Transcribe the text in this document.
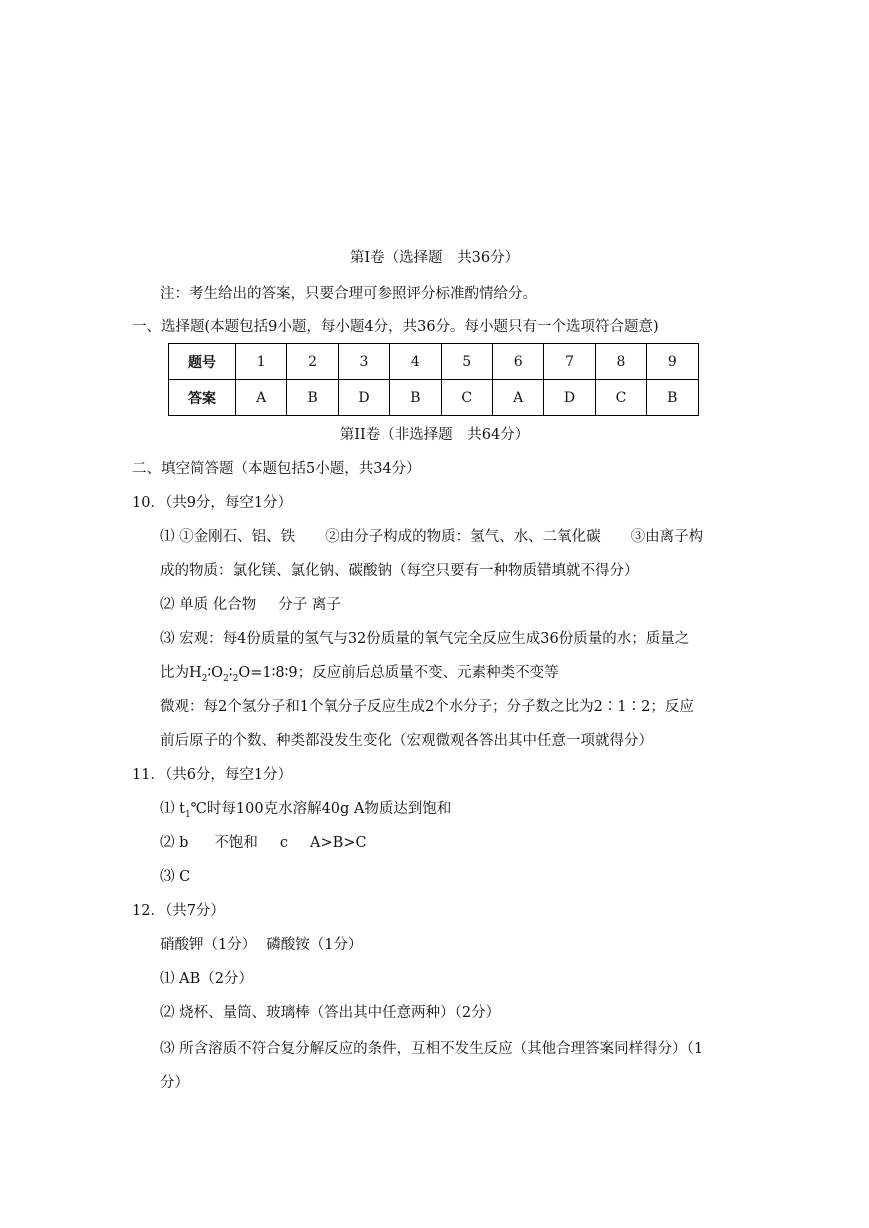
第Ⅰ卷（选择题　共36分）
注：考生给出的答案，只要合理可参照评分标准酌情给分。
一、选择题(本题包括9小题，每小题4分，共36分。每小题只有一个选项符合题意)
题号	1	2	3	4	5	6	7	8	9
答案	A	B	D	B	C	A	D	C	B
第II卷（非选择题　共64分）
二、填空简答题（本题包括5小题，共34分）
10．（共9分，每空1分）
⑴ ①金刚石、铝、铁 ②由分子构成的物质：氢气、水、二氧化碳 ③由离子构
成的物质：氯化镁、氯化钠、碳酸钠（每空只要有一种物质错填就不得分）
⑵ 单质 化合物 分子 离子
⑶ 宏观：每4份质量的氢气与32份质量的氧气完全反应生成36份质量的水；质量之
比为$H_2∶O_2∶_2O=1∶8∶9$；反应前后总质量不变、元素种类不变等
微观：每2个氢分子和1个氧分子反应生成2个水分子；分子数之比为2∶1∶2；反应
前后原子的个数、种类都没发生变化（宏观微观各答出其中任意一项就得分）
11．（共6分，每空1分）
⑴ $t_1℃$时每100克水溶解40g A物质达到饱和
⑵ b 不饱和 c A>B>C
⑶ C
12．（共7分）
硝酸钾（1分） 磷酸铵（1分）
⑴ AB（2分）
⑵ 烧杯、量筒、玻璃棒（答出其中任意两种）（2分）
⑶ 所含溶质不符合复分解反应的条件，互相不发生反应（其他合理答案同样得分）（1
分）
